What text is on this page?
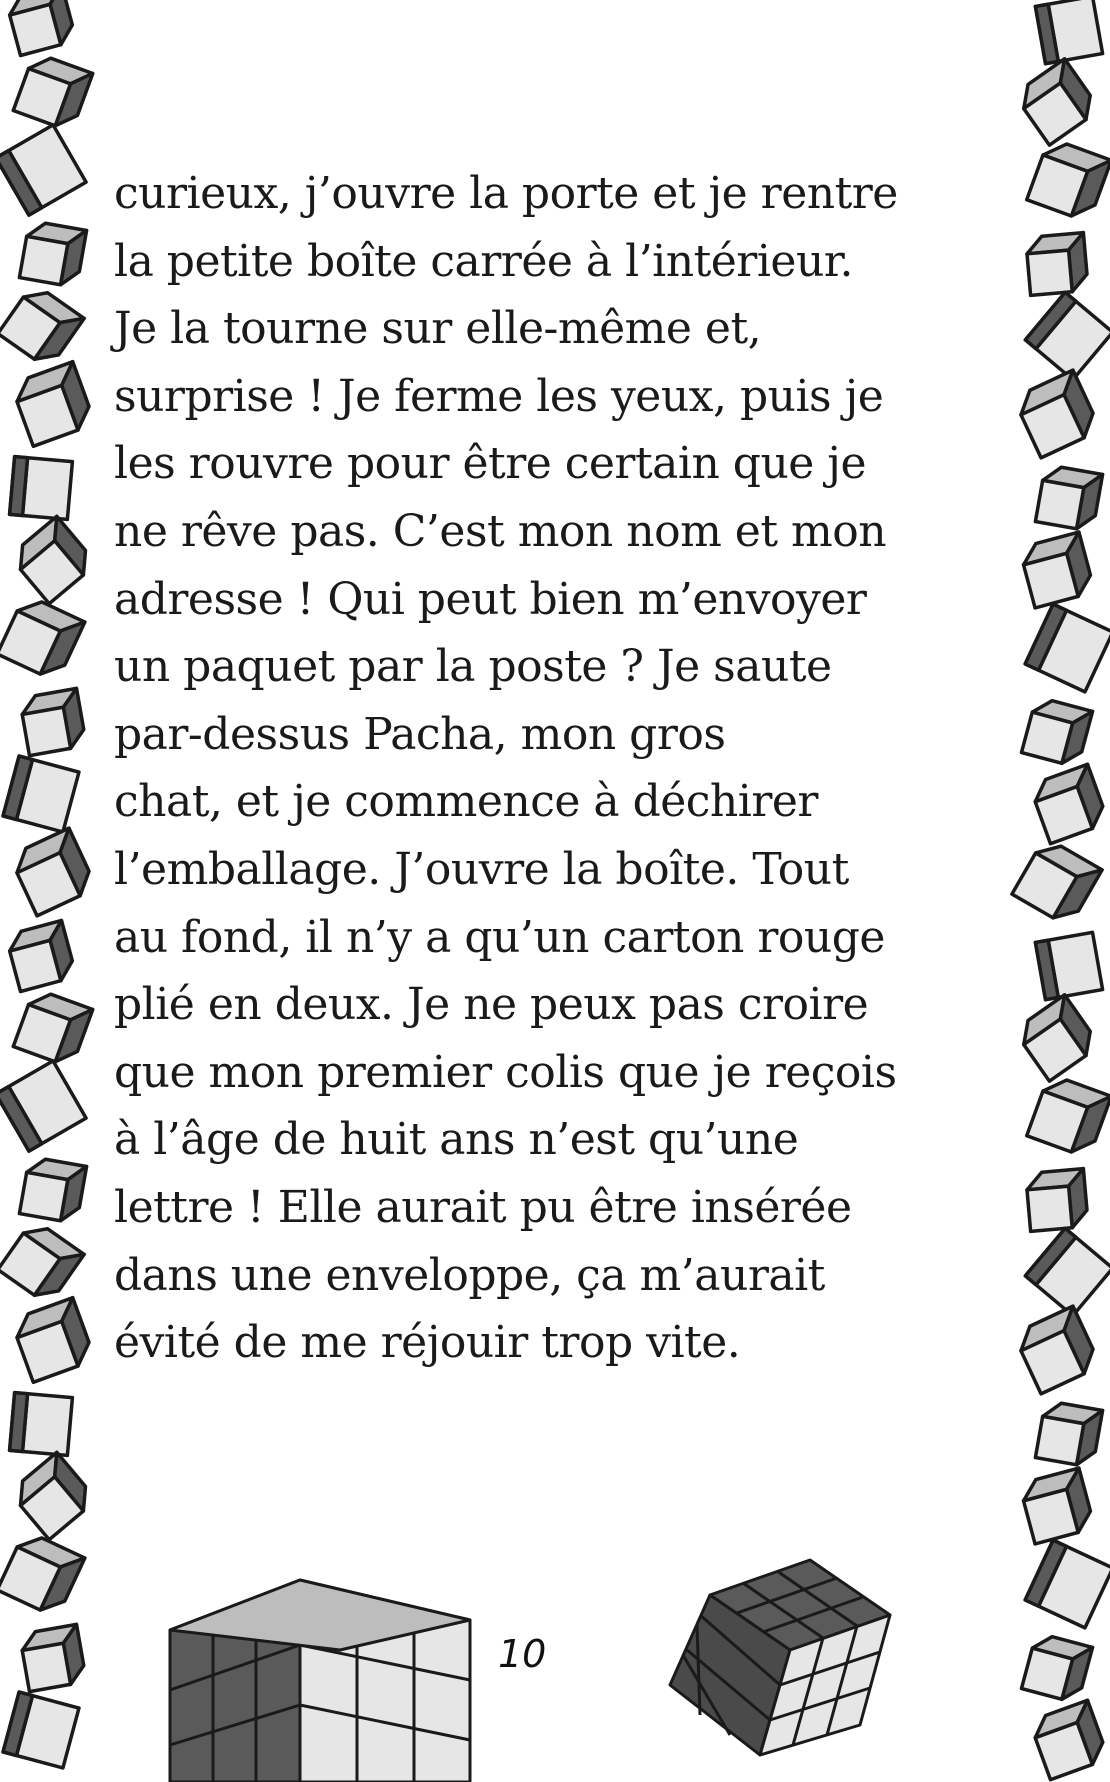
curieux, j’ouvre la porte et je rentre
la petite boîte carrée à l’intérieur.
Je la tourne sur elle-même et,
surprise ! Je ferme les yeux, puis je
les rouvre pour être certain que je
ne rêve pas. C’est mon nom et mon
adresse ! Qui peut bien m’envoyer
un paquet par la poste ? Je saute
par-dessus Pacha, mon gros
chat, et je commence à déchirer
l’emballage. J’ouvre la boîte. Tout
au fond, il n’y a qu’un carton rouge
plié en deux. Je ne peux pas croire
que mon premier colis que je reçois
à l’âge de huit ans n’est qu’une
lettre ! Elle aurait pu être insérée
dans une enveloppe, ça m’aurait
évité de me réjouir trop vite.
10
